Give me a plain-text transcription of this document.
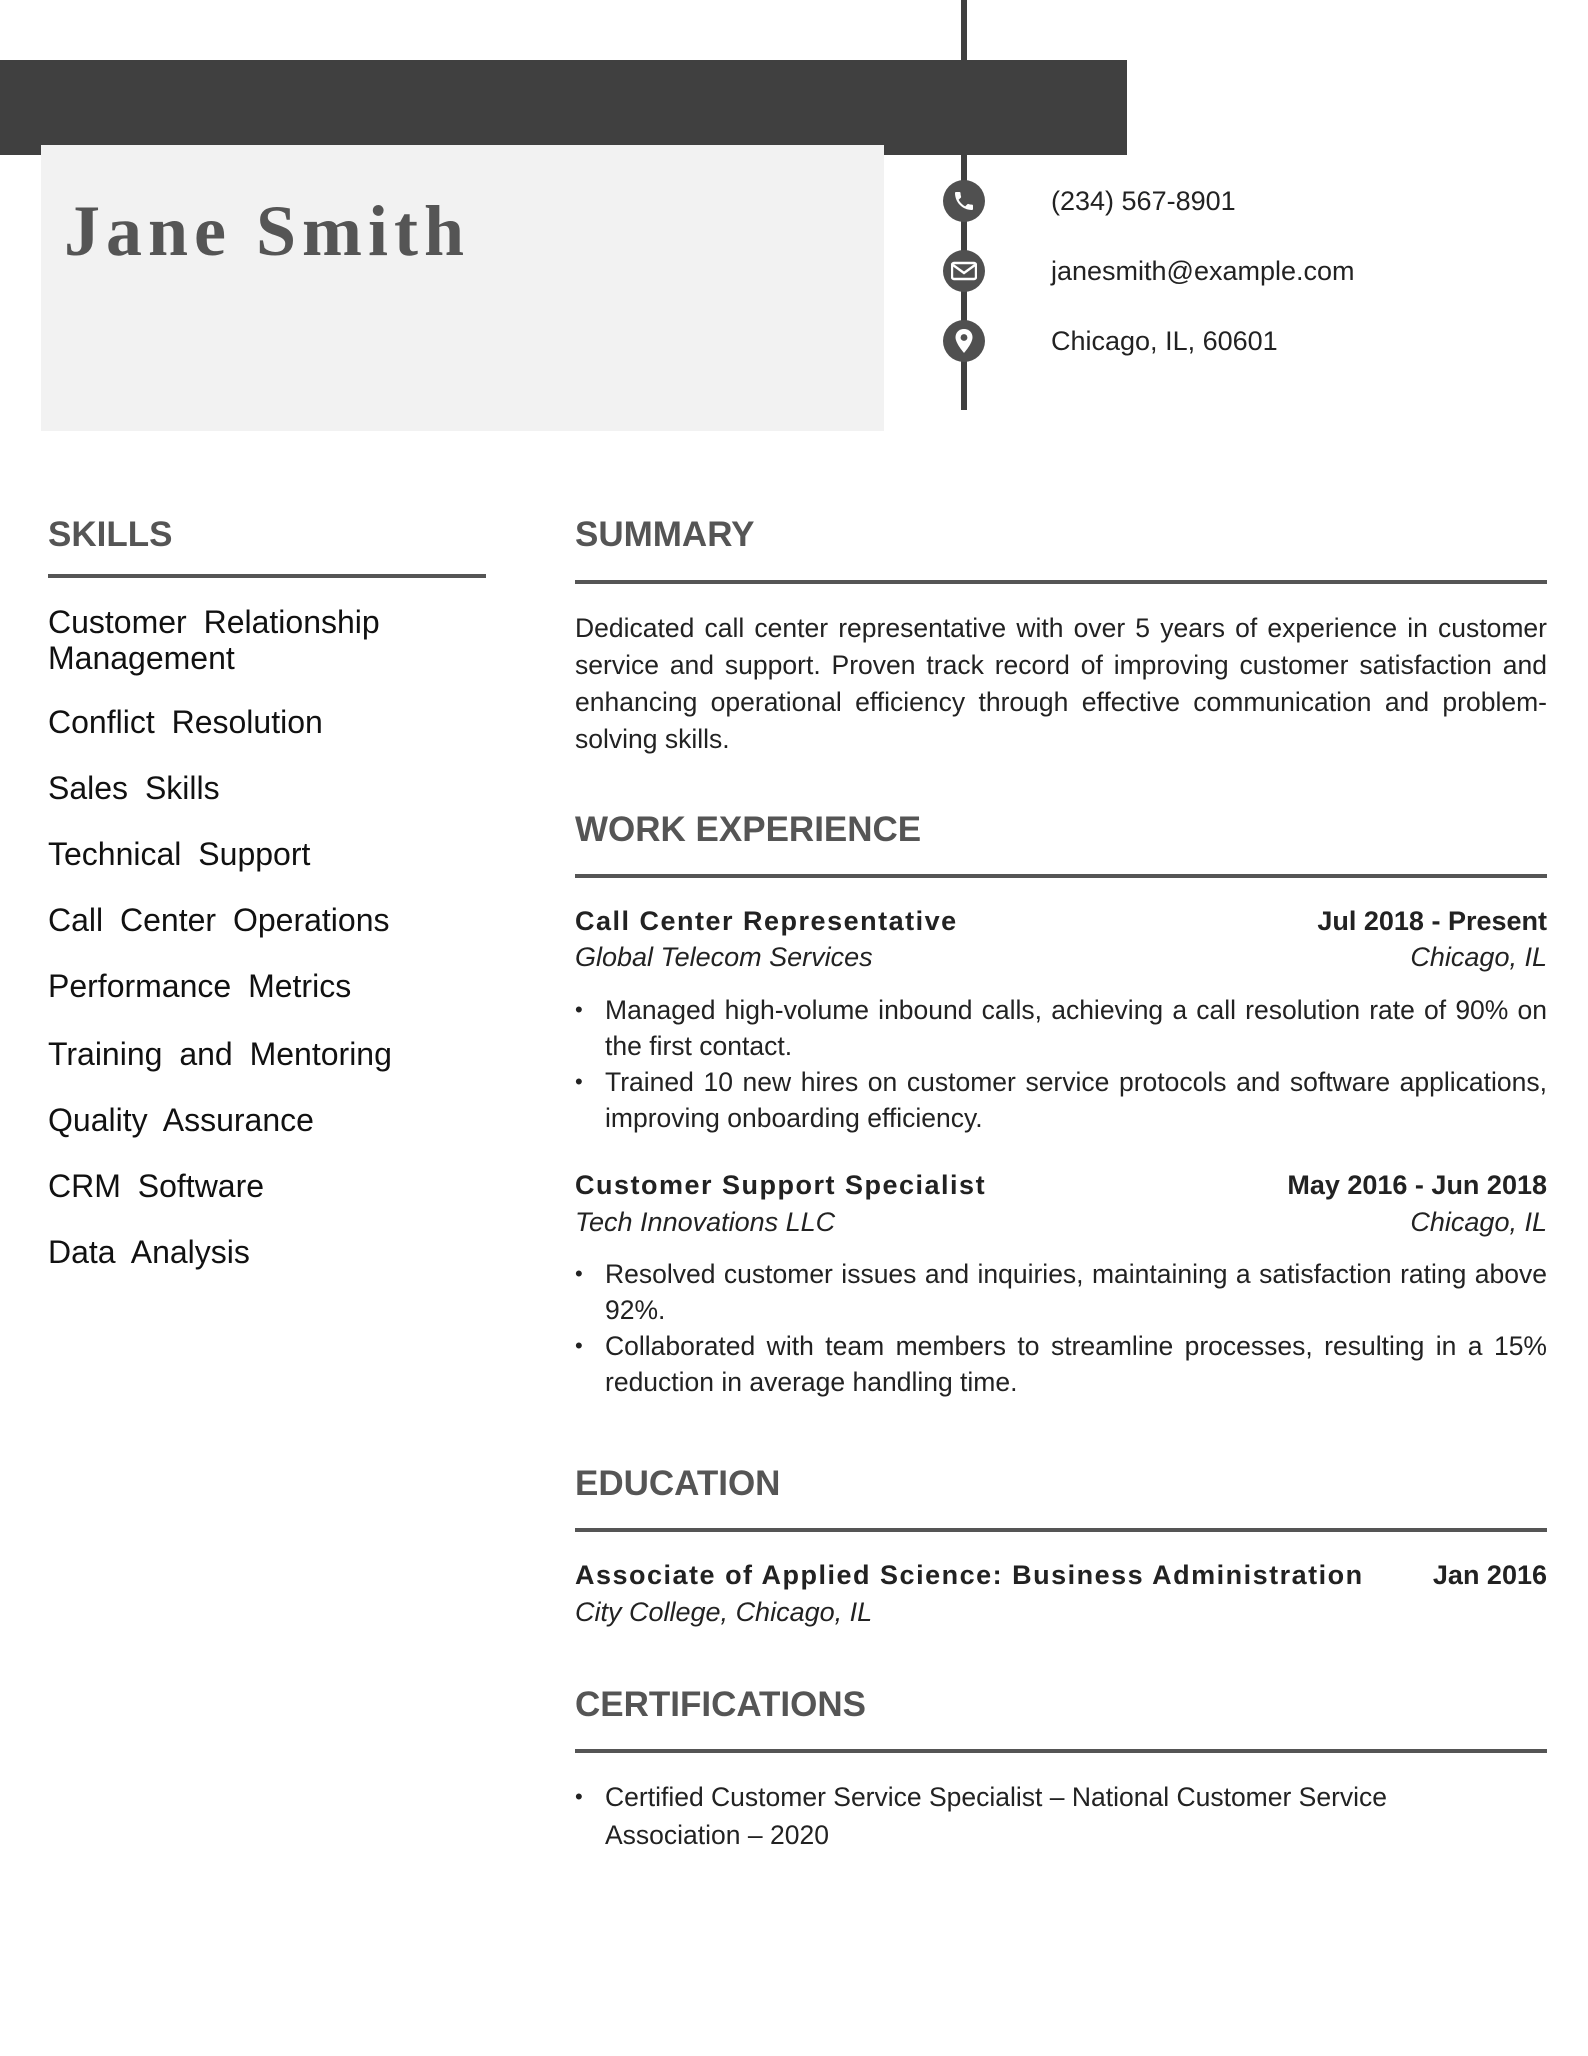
Jane Smith	(234) 567-8901
janesmith@example.com
Chicago, IL, 60601
SKILLS
Customer Relationship Management
Conflict Resolution
Sales Skills
Technical Support
Call Center Operations
Performance Metrics
Training and Mentoring
Quality Assurance
CRM Software
Data Analysis
SUMMARY

Dedicated call center representative with over 5 years of experience in customer service and support. Proven track record of improving customer satisfaction and enhancing operational efficiency through effective communication and problem-solving skills.

WORK EXPERIENCE
Call Center Representative	Jul 2018 - Present
Global Telecom Services	Chicago, IL
• Managed high-volume inbound calls, achieving a call resolution rate of 90% on the first contact.
• Trained 10 new hires on customer service protocols and software applications, improving onboarding efficiency.
Customer Support Specialist	May 2016 - Jun 2018
Tech Innovations LLC	Chicago, IL
• Resolved customer issues and inquiries, maintaining a satisfaction rating above 92%.
• Collaborated with team members to streamline processes, resulting in a 15% reduction in average handling time.
EDUCATION
Associate of Applied Science: Business Administration	Jan 2016
City College, Chicago, IL
CERTIFICATIONS
• Certified Customer Service Specialist – National Customer Service Association – 2020
